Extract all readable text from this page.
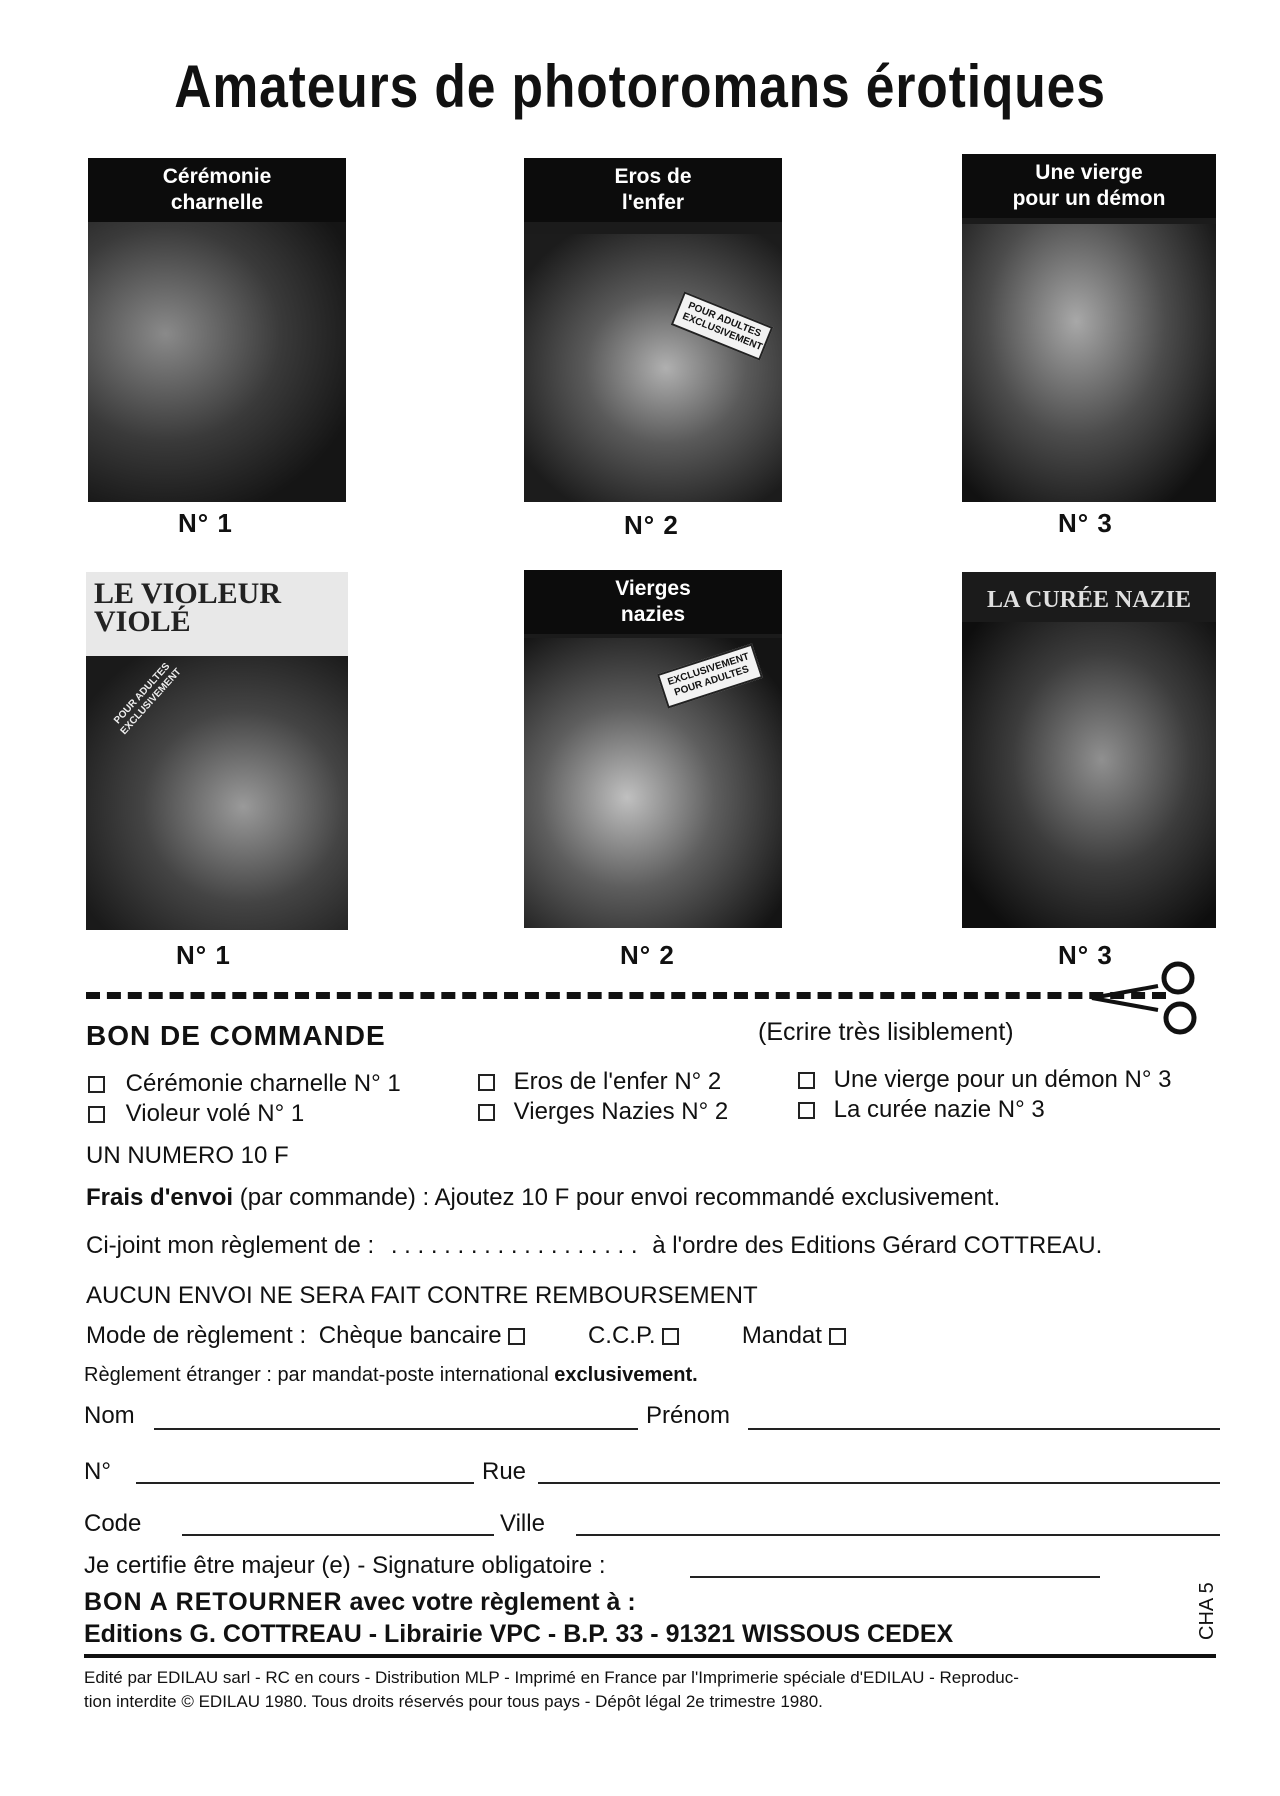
Amateurs de photoromans érotiques
Cérémonie
charnelle
N° 1
Eros de
l'enfer
POUR ADULTES EXCLUSIVEMENT
N° 2
Une vierge
pour un démon
N° 3
LE VIOLEUR
VIOLÉ
POUR ADULTES EXCLUSIVEMENT
N° 1
Vierges
nazies
EXCLUSIVEMENT POUR ADULTES
N° 2
LA CURÉE NAZIE
N° 3
BON DE COMMANDE	(Ecrire très lisiblement)
Cérémonie charnelle N° 1	Eros de l'enfer N° 2	Une vierge pour un démon N° 3
Violeur volé N° 1	Vierges Nazies N° 2	La curée nazie N° 3
UN NUMERO 10 F
Frais d'envoi (par commande) : Ajoutez 10 F pour envoi recommandé exclusivement.
Ci-joint mon règlement de : . . . . . . . . . . . . . . . . . . . à l'ordre des Editions Gérard COTTREAU.
AUCUN ENVOI NE SERA FAIT CONTRE REMBOURSEMENT
Mode de règlement : Chèque bancaire	C.C.P.	Mandat
Règlement étranger : par mandat-poste international exclusivement.
Nom	Prénom
N°	Rue
Code	Ville
Je certifie être majeur (e) - Signature obligatoire :
BON A RETOURNER avec votre règlement à :
Editions G. COTTREAU - Librairie VPC - B.P. 33 - 91321 WISSOUS CEDEX	CHA 5
Edité par EDILAU sarl - RC en cours - Distribution MLP - Imprimé en France par l'Imprimerie spéciale d'EDILAU - Reproduc-
tion interdite © EDILAU 1980. Tous droits réservés pour tous pays - Dépôt légal 2e trimestre 1980.
